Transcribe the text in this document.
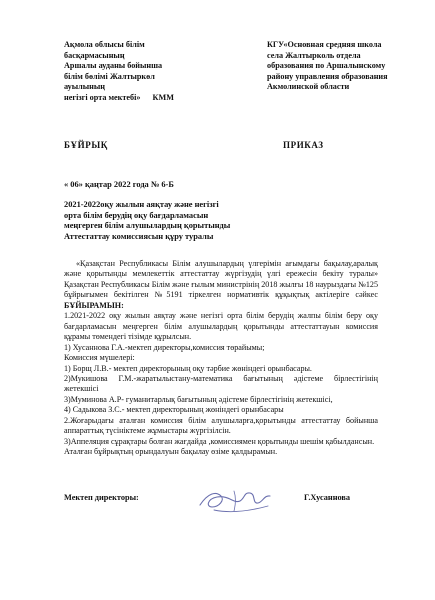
Ақмола облысы білім
басқармасының
Аршалы ауданы бойынша
білім бөлімі Жалтыркөл
ауылының
негізгі орта мектебі» КММ
КГУ«Основная средняя школа
села Жалтырколь отдела
образования по Аршалынскому
району управления образования
Акмолинской области
БҰЙРЫҚ	ПРИКАЗ
« 06» қаңтар 2022 года № 6-Б
2021-2022оқу жылын аяқтау және негізгі
орта білім берудің оқу бағдарламасын
меңгерген білім алушылардың қорытынды
Аттестаттау комиссиясын құру туралы

«Қазақстан Республикасы Білім алушылардың үлгерімін ағымдағы бақылау,аралық және қорытынды мемлекеттік аттестаттау жүргізудің үлгі ережесін бекіту туралы» Қазақстан Республикасы Білім және ғылым министрінің 2018 жылғы 18 наурыздағы №125 бұйрығымен бекітілген №5191 тіркелген нормативтік құқықтық актілеріге сәйкес БҰЙЫРАМЫН:

1.2021-2022 оқу жылын аяқтау және негізгі орта білім берудің жалпы білім беру оқу бағдарламасын меңгерген білім алушылардың қорытынды аттестаттауын комиссия құрамы төмендегі тізімде құрылсын.

1) Хусаннова Г.А.-мектеп директоры,комиссия төрайымы;

Комиссия мүшелері:

1) Борщ Л.В.- мектеп директорының оқу тәрбие жөніндегі орынбасары.

2)Мукишова Г.М.-жаратылыстану-математика бағытының әдістеме бірлестігінің жетекшісі

3)Муминова А.Р- гуманитарлық бағытының әдістеме бірлестігінің жетекшісі,

4) Садыкова З.С.- мектеп директорының жөніндегі орынбасары

2.Жоғарыдағы аталған комиссия білім алушыларға,қорытынды аттестаттау бойынша аппараттық түсініктеме жұмыстары жүргізілсін.

3)Аппеляция сұрақтары болған жағдайда ,комиссиямен қорытынды шешім қабылдансын.

Аталған бұйрықтың орындалуын бақылау өзіме қалдырамын.

Мектеп директоры:	Г.Хусаннова
